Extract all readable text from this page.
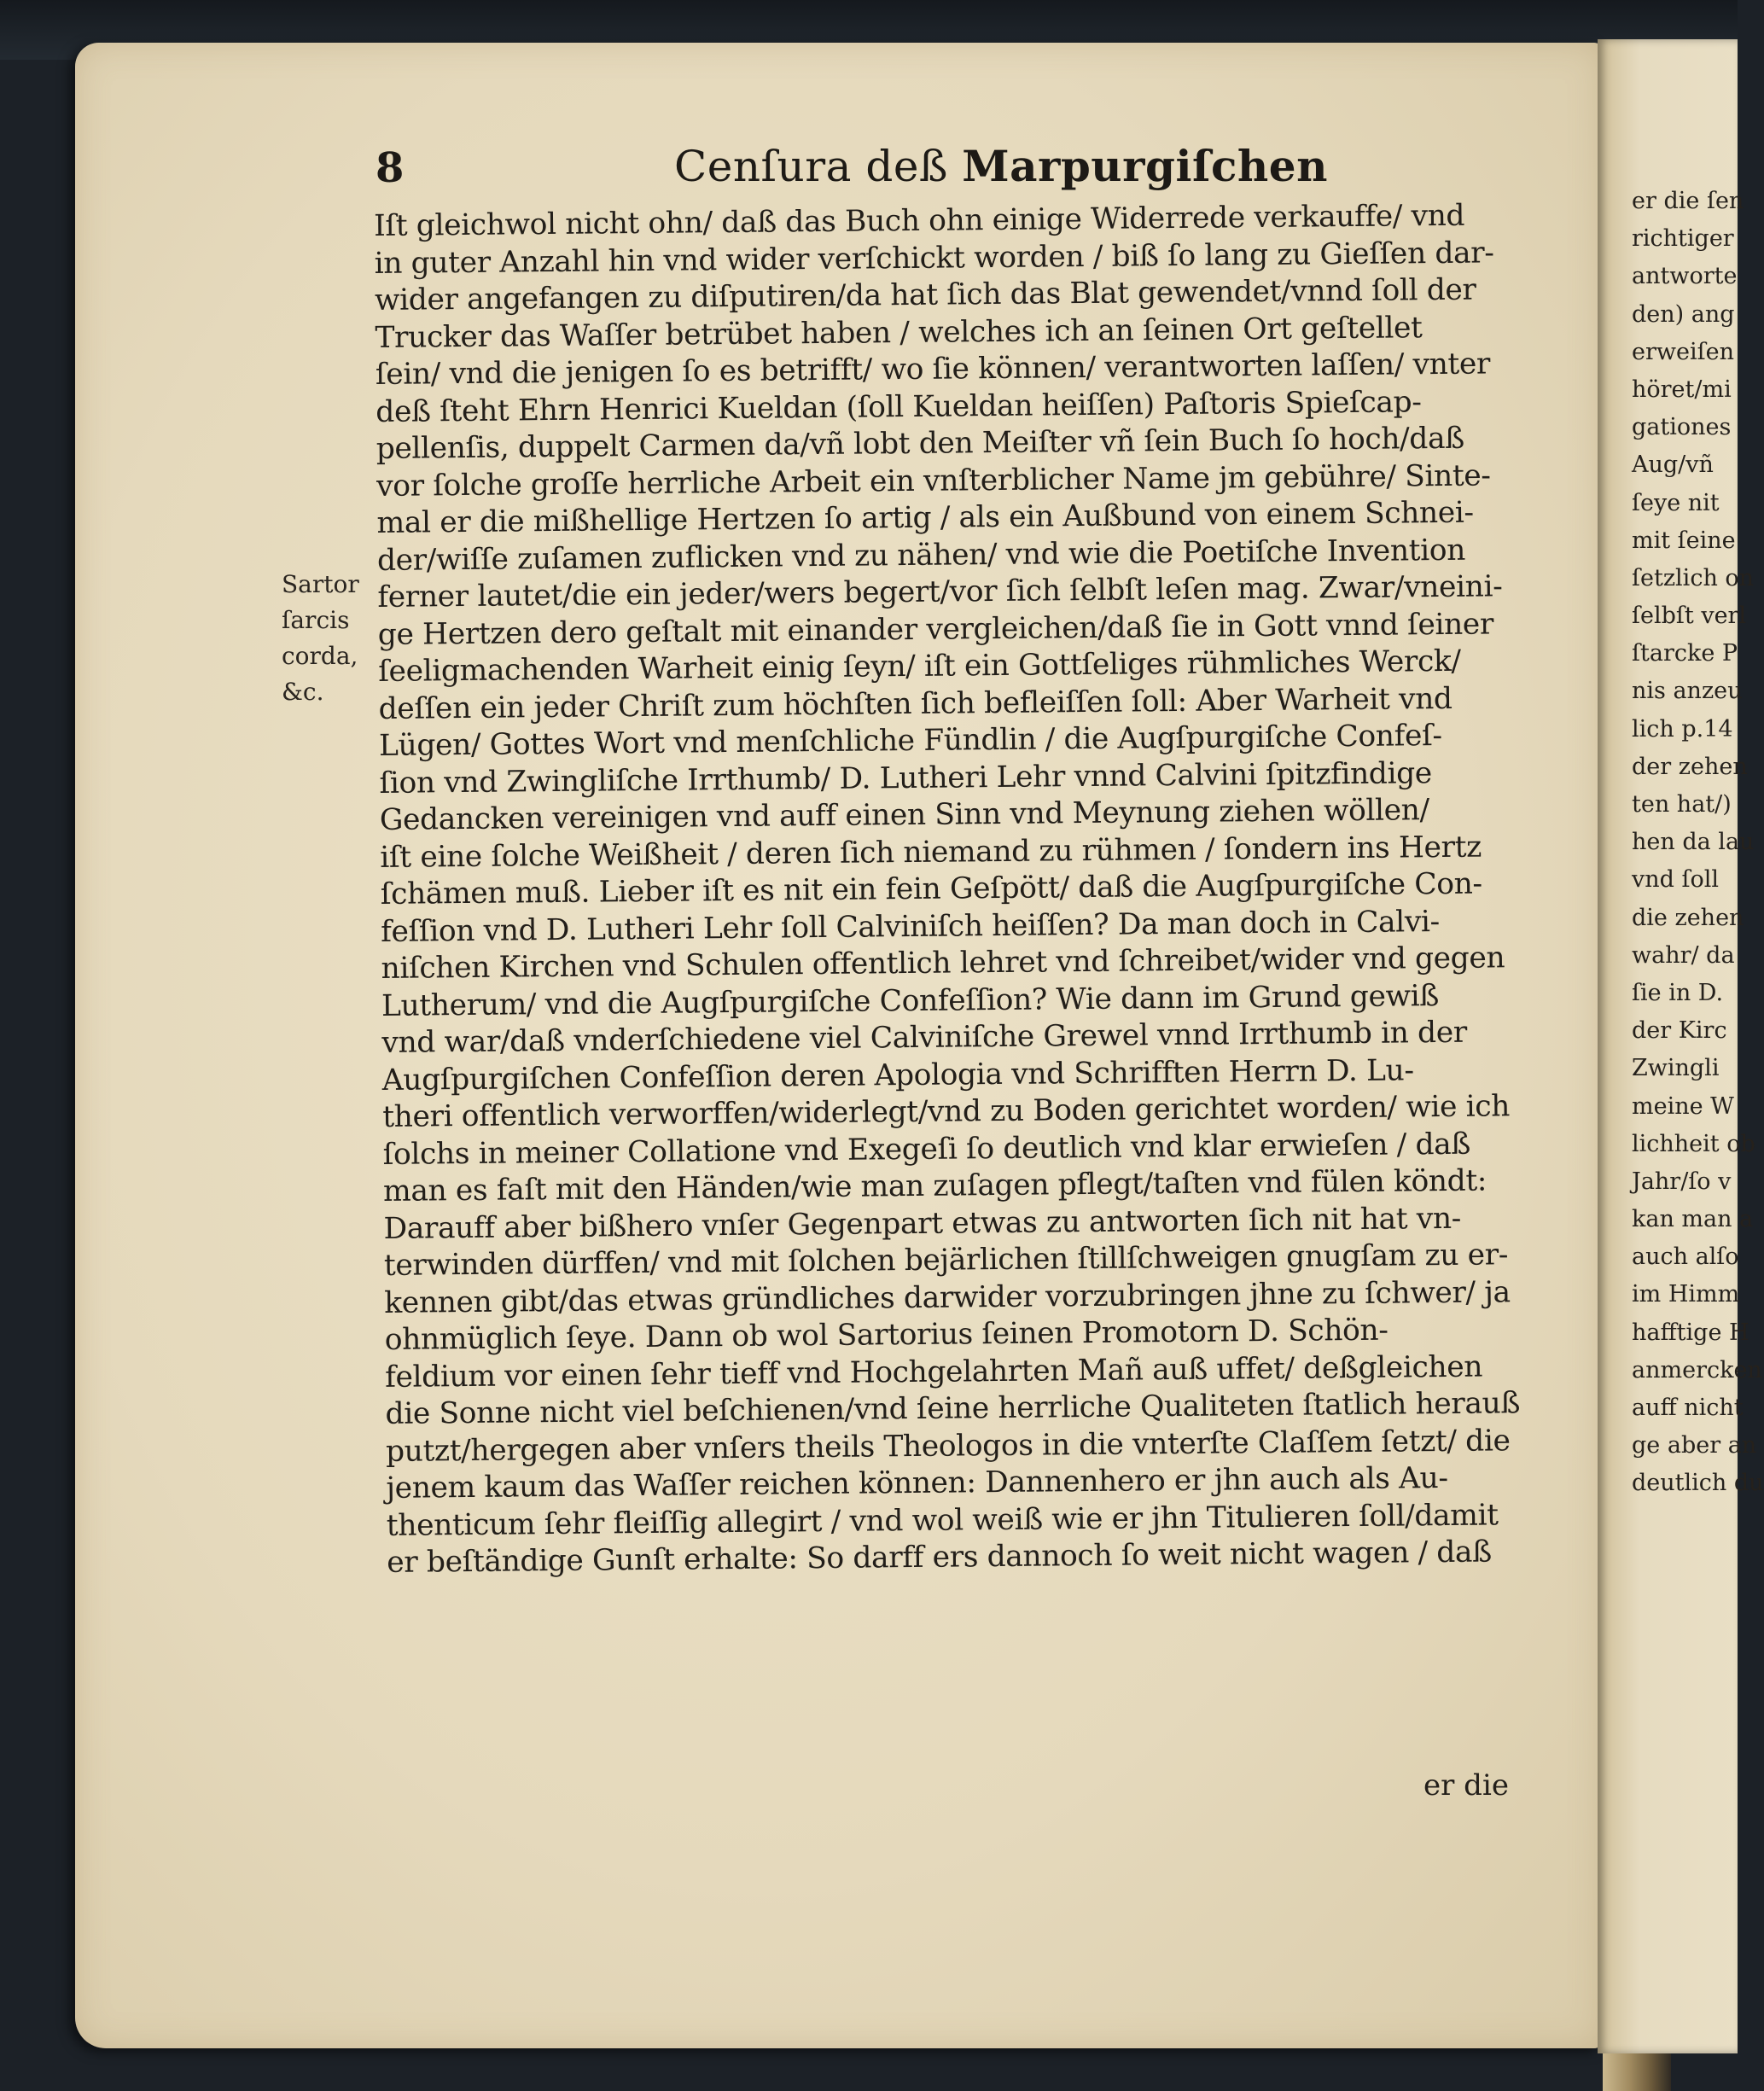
8	Cenſura deß Marpurgiſchen
Sartor
ſarcis
corda,
&c.
Iſt gleichwol nicht ohn/ daß das Buch ohn einige Widerrede verkauffe/ vnd
in guter Anzahl hin vnd wider verſchickt worden / biß ſo lang zu Gieſſen dar-
wider angefangen zu diſputiren/da hat ſich das Blat gewendet/vnnd ſoll der
Trucker das Waſſer betrübet haben / welches ich an ſeinen Ort geſtellet
ſein/ vnd die jenigen ſo es betrifft/ wo ſie können/ verantworten laſſen/ vnter
deß ſteht Ehrn Henrici Kueldan (ſoll Kueldan heiſſen) Paſtoris Spieſcap-
pellenſis, duppelt Carmen da/vñ lobt den Meiſter vñ ſein Buch ſo hoch/daß
vor ſolche groſſe herrliche Arbeit ein vnſterblicher Name jm gebühre/ Sinte-
mal er die mißhellige Hertzen ſo artig / als ein Außbund von einem Schnei-
der/wiſſe zuſamen zuflicken vnd zu nähen/ vnd wie die Poetiſche Invention
ferner lautet/die ein jeder/wers begert/vor ſich ſelbſt leſen mag. Zwar/vneini-
ge Hertzen dero geſtalt mit einander vergleichen/daß ſie in Gott vnnd ſeiner
ſeeligmachenden Warheit einig ſeyn/ iſt ein Gottſeliges rühmliches Werck/
deſſen ein jeder Chriſt zum höchſten ſich befleiſſen ſoll: Aber Warheit vnd
Lügen/ Gottes Wort vnd menſchliche Fündlin / die Augſpurgiſche Confeſ-
ſion vnd Zwingliſche Irrthumb/ D. Lutheri Lehr vnnd Calvini ſpitzfindige
Gedancken vereinigen vnd auff einen Sinn vnd Meynung ziehen wöllen/
iſt eine ſolche Weißheit / deren ſich niemand zu rühmen / ſondern ins Hertz
ſchämen muß. Lieber iſt es nit ein fein Geſpött/ daß die Augſpurgiſche Con-
feſſion vnd D. Lutheri Lehr ſoll Calviniſch heiſſen? Da man doch in Calvi-
niſchen Kirchen vnd Schulen offentlich lehret vnd ſchreibet/wider vnd gegen
Lutherum/ vnd die Augſpurgiſche Confeſſion? Wie dann im Grund gewiß
vnd war/daß vnderſchiedene viel Calviniſche Grewel vnnd Irrthumb in der
Augſpurgiſchen Confeſſion deren Apologia vnd Schrifften Herrn D. Lu-
theri offentlich verworffen/widerlegt/vnd zu Boden gerichtet worden/ wie ich
ſolchs in meiner Collatione vnd Exegeſi ſo deutlich vnd klar erwieſen / daß
man es faſt mit den Händen/wie man zuſagen pflegt/taſten vnd fülen köndt:
Darauff aber bißhero vnſer Gegenpart etwas zu antworten ſich nit hat vn-
terwinden dürffen/ vnd mit ſolchen bejärlichen ſtillſchweigen gnugſam zu er-
kennen gibt/das etwas gründliches darwider vorzubringen jhne zu ſchwer/ ja
ohnmüglich ſeye. Dann ob wol Sartorius ſeinen Promotorn D. Schön-
feldium vor einen ſehr tieff vnd Hochgelahrten Mañ auß uffet/ deßgleichen
die Sonne nicht viel beſchienen/vnd ſeine herrliche Qualiteten ſtatlich herauß
putzt/hergegen aber vnſers theils Theologos in die vnterſte Claſſem ſetzt/ die
jenem kaum das Waſſer reichen können: Dannenhero er jhn auch als Au-
thenticum ſehr fleiſſig allegirt / vnd wol weiß wie er jhn Titulieren ſoll/damit
er beſtändige Gunſt erhalte: So darff ers dannoch ſo weit nicht wagen / daß
er die
er die ſen
richtiger
antworte
den) ang
erweiſen
höret/mi
gationes
Aug/vñ
ſeye nit
mit ſeine
ſetzlich on
ſelbſt verl
ſtarcke P
nis anzeu
lich p.14
der zehen
ten hat/)
hen da lau
vnd ſoll
die zehen
wahr/ da
ſie in D.
der Kirc
Zwingli
meine W
lichheit ob
Jahr/ſo v
kan man a
auch alſo
im Himm
hafftige H
anmercken
auff nicht
ge aber an
deutlich du
